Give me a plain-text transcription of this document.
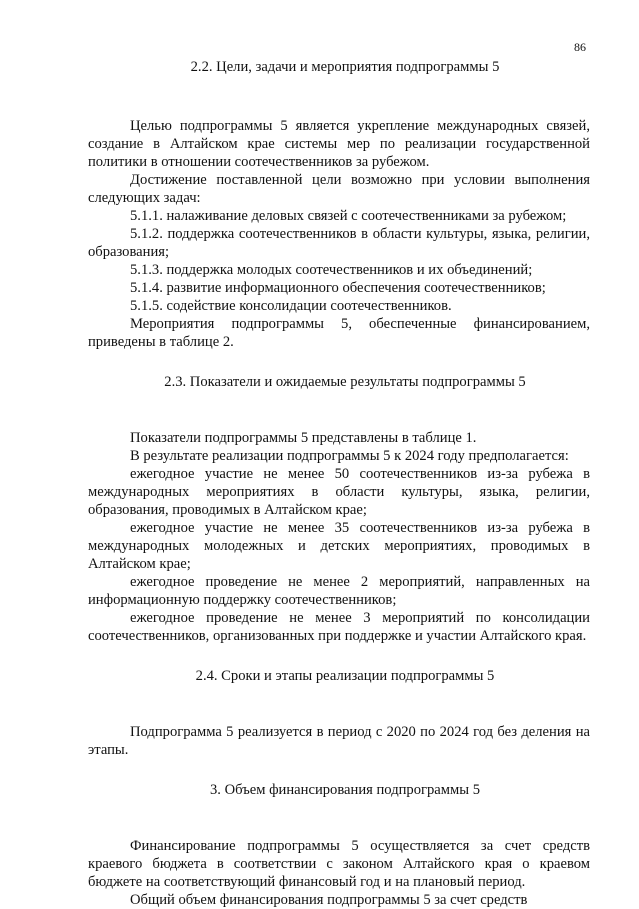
86
2.2. Цели, задачи и мероприятия подпрограммы 5

Целью подпрограммы 5 является укрепление международных связей, создание в Алтайском крае системы мер по реализации государственной политики в отношении соотечественников за рубежом.

Достижение поставленной цели возможно при условии выполнения следующих задач:

5.1.1. налаживание деловых связей с соотечественниками за рубежом;

5.1.2. поддержка соотечественников в области культуры, языка, религии, образования;

5.1.3. поддержка молодых соотечественников и их объединений;

5.1.4. развитие информационного обеспечения соотечественников;

5.1.5. содействие консолидации соотечественников.

Мероприятия подпрограммы 5, обеспеченные финансированием, приведены в таблице 2.

2.3. Показатели и ожидаемые результаты подпрограммы 5

Показатели подпрограммы 5 представлены в таблице 1.

В результате реализации подпрограммы 5 к 2024 году предполагается:

ежегодное участие не менее 50 соотечественников из-за рубежа в международных мероприятиях в области культуры, языка, религии, образования, проводимых в Алтайском крае;

ежегодное участие не менее 35 соотечественников из-за рубежа в международных молодежных и детских мероприятиях, проводимых в Алтайском крае;

ежегодное проведение не менее 2 мероприятий, направленных на информационную поддержку соотечественников;

ежегодное проведение не менее 3 мероприятий по консолидации соотечественников, организованных при поддержке и участии Алтайского края.

2.4. Сроки и этапы реализации подпрограммы 5

Подпрограмма 5 реализуется в период с 2020 по 2024 год без деления на этапы.

3. Объем финансирования подпрограммы 5

Финансирование подпрограммы 5 осуществляется за счет средств краевого бюджета в соответствии с законом Алтайского края о краевом бюджете на соответствующий финансовый год и на плановый период.

Общий объем финансирования подпрограммы 5 за счет средств
